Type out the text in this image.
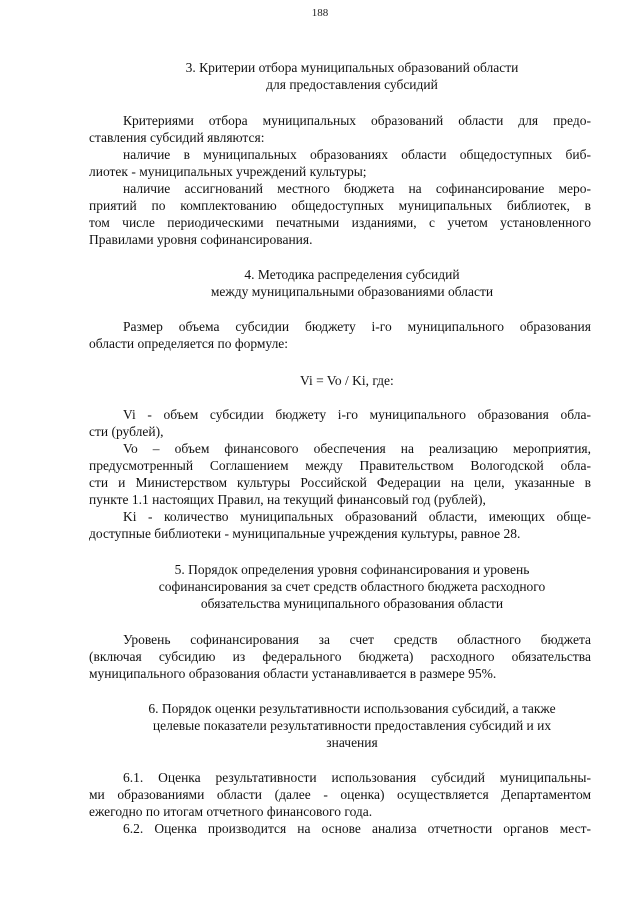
188
3. Критерии отбора муниципальных образований области
для предоставления субсидий
Критериями отбора муниципальных образований области для предо-
ставления субсидий являются:
наличие в муниципальных образованиях области общедоступных биб-
лиотек - муниципальных учреждений культуры;
наличие ассигнований местного бюджета на софинансирование меро-
приятий по комплектованию общедоступных муниципальных библиотек, в
том числе периодическими печатными изданиями, с учетом установленного
Правилами уровня софинансирования.
4. Методика распределения субсидий
между муниципальными образованиями области
Размер объема субсидии бюджету i-го муниципального образования
области определяется по формуле:
Vi = Vo / Ki, где:
Vi - объем субсидии бюджету i-го муниципального образования обла-
сти (рублей),
Vo – объем финансового обеспечения на реализацию мероприятия,
предусмотренный Соглашением между Правительством Вологодской обла-
сти и Министерством культуры Российской Федерации на цели, указанные в
пункте 1.1 настоящих Правил, на текущий финансовый год (рублей),
Ki - количество муниципальных образований области, имеющих обще-
доступные библиотеки - муниципальные учреждения культуры, равное 28.
5. Порядок определения уровня софинансирования и уровень
софинансирования за счет средств областного бюджета расходного
обязательства муниципального образования области
Уровень софинансирования за счет средств областного бюджета
(включая субсидию из федерального бюджета) расходного обязательства
муниципального образования области устанавливается в размере 95%.
6. Порядок оценки результативности использования субсидий, а также
целевые показатели результативности предоставления субсидий и их
значения
6.1. Оценка результативности использования субсидий муниципальны-
ми образованиями области (далее - оценка) осуществляется Департаментом
ежегодно по итогам отчетного финансового года.
6.2. Оценка производится на основе анализа отчетности органов мест-
